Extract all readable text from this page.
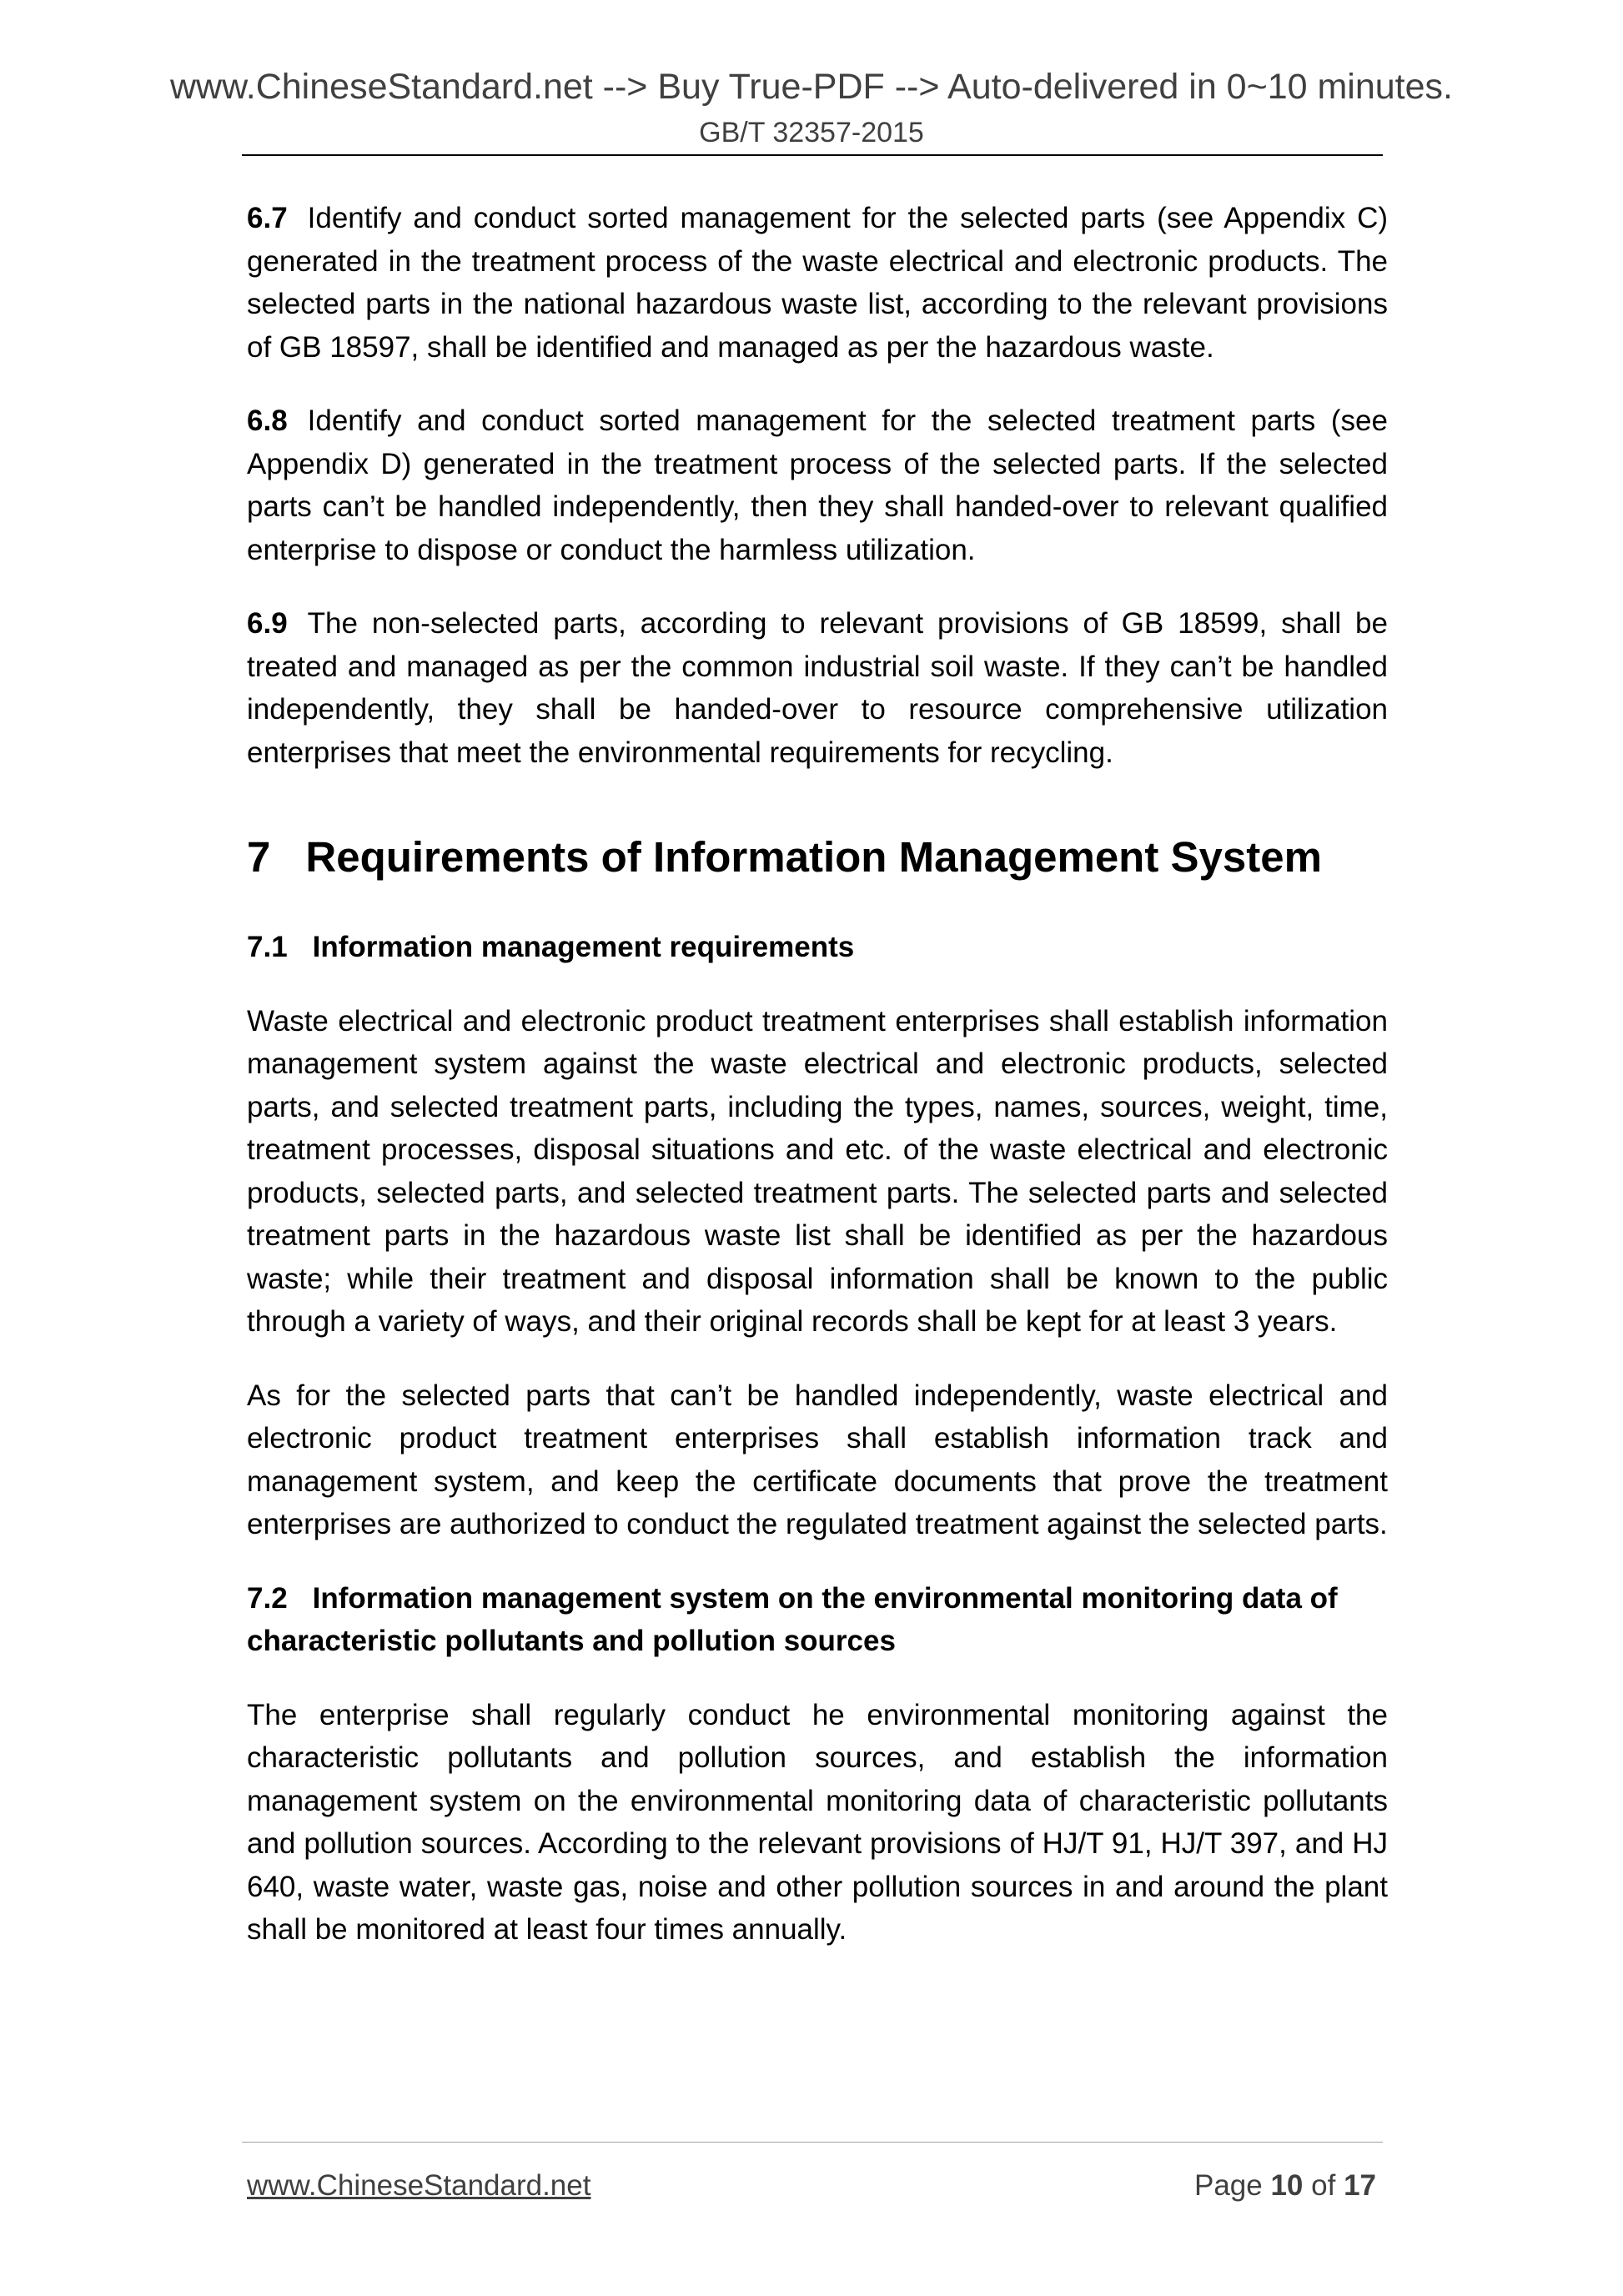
www.ChineseStandard.net --> Buy True-PDF --> Auto-delivered in 0~10 minutes.
GB/T 32357-2015

6.7 Identify and conduct sorted management for the selected parts (see Appendix C) generated in the treatment process of the waste electrical and electronic products. The selected parts in the national hazardous waste list, according to the relevant provisions of GB 18597, shall be identified and managed as per the hazardous waste.

6.8 Identify and conduct sorted management for the selected treatment parts (see Appendix D) generated in the treatment process of the selected parts. If the selected parts can’t be handled independently, then they shall handed-over to relevant qualified enterprise to dispose or conduct the harmless utilization.

6.9 The non-selected parts, according to relevant provisions of GB 18599, shall be treated and managed as per the common industrial soil waste. If they can’t be handled independently, they shall be handed-over to resource comprehensive utilization enterprises that meet the environmental requirements for recycling.

7 Requirements of Information Management System
7.1 Information management requirements

Waste electrical and electronic product treatment enterprises shall establish information management system against the waste electrical and electronic products, selected parts, and selected treatment parts, including the types, names, sources, weight, time, treatment processes, disposal situations and etc. of the waste electrical and electronic products, selected parts, and selected treatment parts. The selected parts and selected treatment parts in the hazardous waste list shall be identified as per the hazardous waste; while their treatment and disposal information shall be known to the public through a variety of ways, and their original records shall be kept for at least 3 years.

As for the selected parts that can’t be handled independently, waste electrical and electronic product treatment enterprises shall establish information track and management system, and keep the certificate documents that prove the treatment enterprises are authorized to conduct the regulated treatment against the selected parts.

7.2 Information management system on the environmental monitoring data of characteristic pollutants and pollution sources

The enterprise shall regularly conduct he environmental monitoring against the characteristic pollutants and pollution sources, and establish the information management system on the environmental monitoring data of characteristic pollutants and pollution sources. According to the relevant provisions of HJ/T 91, HJ/T 397, and HJ 640, waste water, waste gas, noise and other pollution sources in and around the plant shall be monitored at least four times annually.

www.ChineseStandard.net	Page 10 of 17
